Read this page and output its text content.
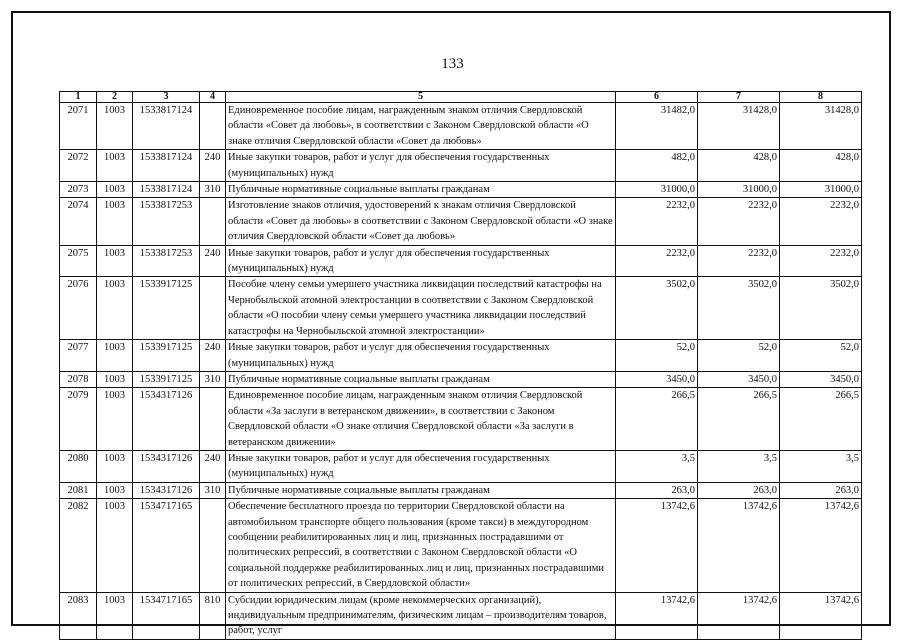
133
1	2	3	4	5	6	7	8
2071	1003	1533817124		Единовременное пособие лицам, награжденным знаком отличия Свердловской области «Совет да любовь», в соответствии с Законом Свердловской области «О знаке отличия Свердловской области «Совет да любовь»	31482,0	31428,0	31428,0
2072	1003	1533817124	240	Иные закупки товаров, работ и услуг для обеспечения государственных (муниципальных) нужд	482,0	428,0	428,0
2073	1003	1533817124	310	Публичные нормативные социальные выплаты гражданам	31000,0	31000,0	31000,0
2074	1003	1533817253		Изготовление знаков отличия, удостоверений к знакам отличия Свердловской области «Совет да любовь» в соответствии с Законом Свердловской области «О знаке отличия Свердловской области «Совет да любовь»	2232,0	2232,0	2232,0
2075	1003	1533817253	240	Иные закупки товаров, работ и услуг для обеспечения государственных (муниципальных) нужд	2232,0	2232,0	2232,0
2076	1003	1533917125		Пособие члену семьи умершего участника ликвидации последствий катастрофы на Чернобыльской атомной электростанции в соответствии с Законом Свердловской области «О пособии члену семьи умершего участника ликвидации последствий катастрофы на Чернобыльской атомной электростанции»	3502,0	3502,0	3502,0
2077	1003	1533917125	240	Иные закупки товаров, работ и услуг для обеспечения государственных (муниципальных) нужд	52,0	52,0	52,0
2078	1003	1533917125	310	Публичные нормативные социальные выплаты гражданам	3450,0	3450,0	3450,0
2079	1003	1534317126		Единовременное пособие лицам, награжденным знаком отличия Свердловской области «За заслуги в ветеранском движении», в соответствии с Законом Свердловской области «О знаке отличия Свердловской области «За заслуги в ветеранском движении»	266,5	266,5	266,5
2080	1003	1534317126	240	Иные закупки товаров, работ и услуг для обеспечения государственных (муниципальных) нужд	3,5	3,5	3,5
2081	1003	1534317126	310	Публичные нормативные социальные выплаты гражданам	263,0	263,0	263,0
2082	1003	1534717165		Обеспечение бесплатного проезда по территории Свердловской области на автомобильном транспорте общего пользования (кроме такси) в междугородном сообщении реабилитированных лиц и лиц, признанных пострадавшими от политических репрессий, в соответствии с Законом Свердловской области «О социальной поддержке реабилитированных лиц и лиц, признанных пострадавшими от политических репрессий, в Свердловской области»	13742,6	13742,6	13742,6
2083	1003	1534717165	810	Субсидии юридическим лицам (кроме некоммерческих организаций), индивидуальным предпринимателям, физическим лицам – производителям товаров, работ, услуг	13742,6	13742,6	13742,6
